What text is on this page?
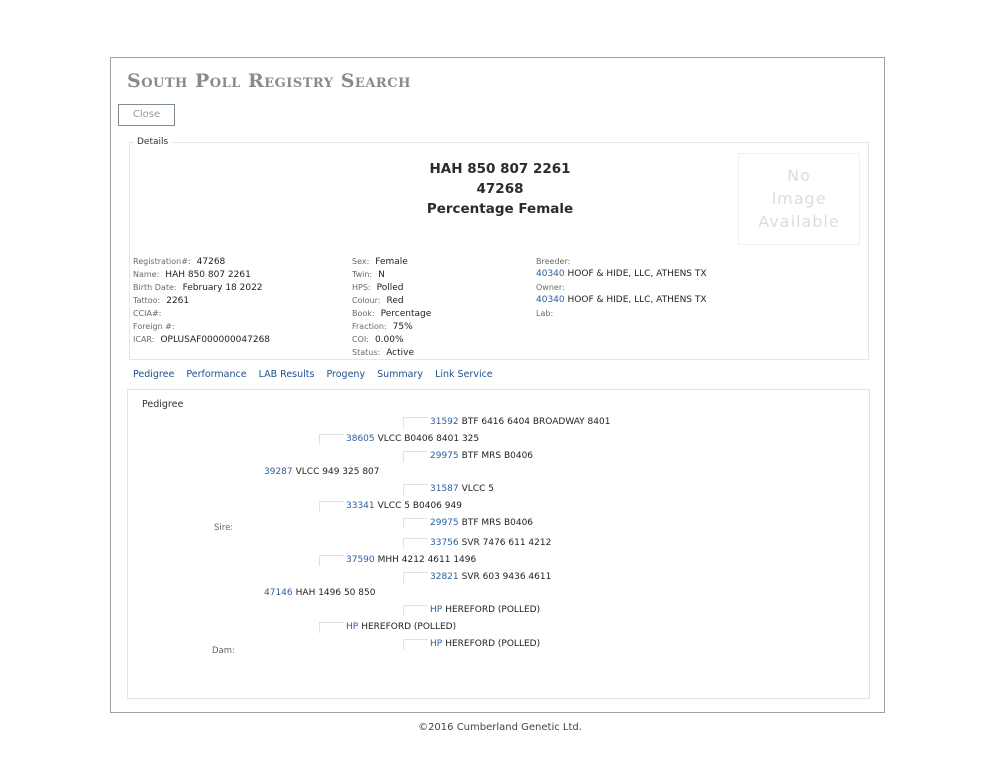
South Poll Registry Search
Close
Details
HAH 850 807 2261
47268
Percentage Female
No
Image
Available
Registration#: 47268
Name: HAH 850 807 2261
Birth Date: February 18 2022
Tattoo: 2261
CCIA#:
Foreign #:
ICAR: OPLUSAF000000047268
Sex: Female
Twin: N
HPS: Polled
Colour: Red
Book: Percentage
Fraction: 75%
COI: 0.00%
Status: Active
Breeder:
40340 HOOF & HIDE, LLC, ATHENS TX
Owner:
40340 HOOF & HIDE, LLC, ATHENS TX
Lab:
Pedigree Performance LAB Results Progeny Summary Link Service
Pedigree
Sire:
Dam:
31592 BTF 6416 6404 BROADWAY 8401
38605 VLCC B0406 8401 325
29975 BTF MRS B0406
39287 VLCC 949 325 807
31587 VLCC 5
33341 VLCC 5 B0406 949
29975 BTF MRS B0406
33756 SVR 7476 611 4212
37590 MHH 4212 4611 1496
32821 SVR 603 9436 4611
47146 HAH 1496 50 850
HP HEREFORD (POLLED)
HP HEREFORD (POLLED)
HP HEREFORD (POLLED)
©2016 Cumberland Genetic Ltd.
